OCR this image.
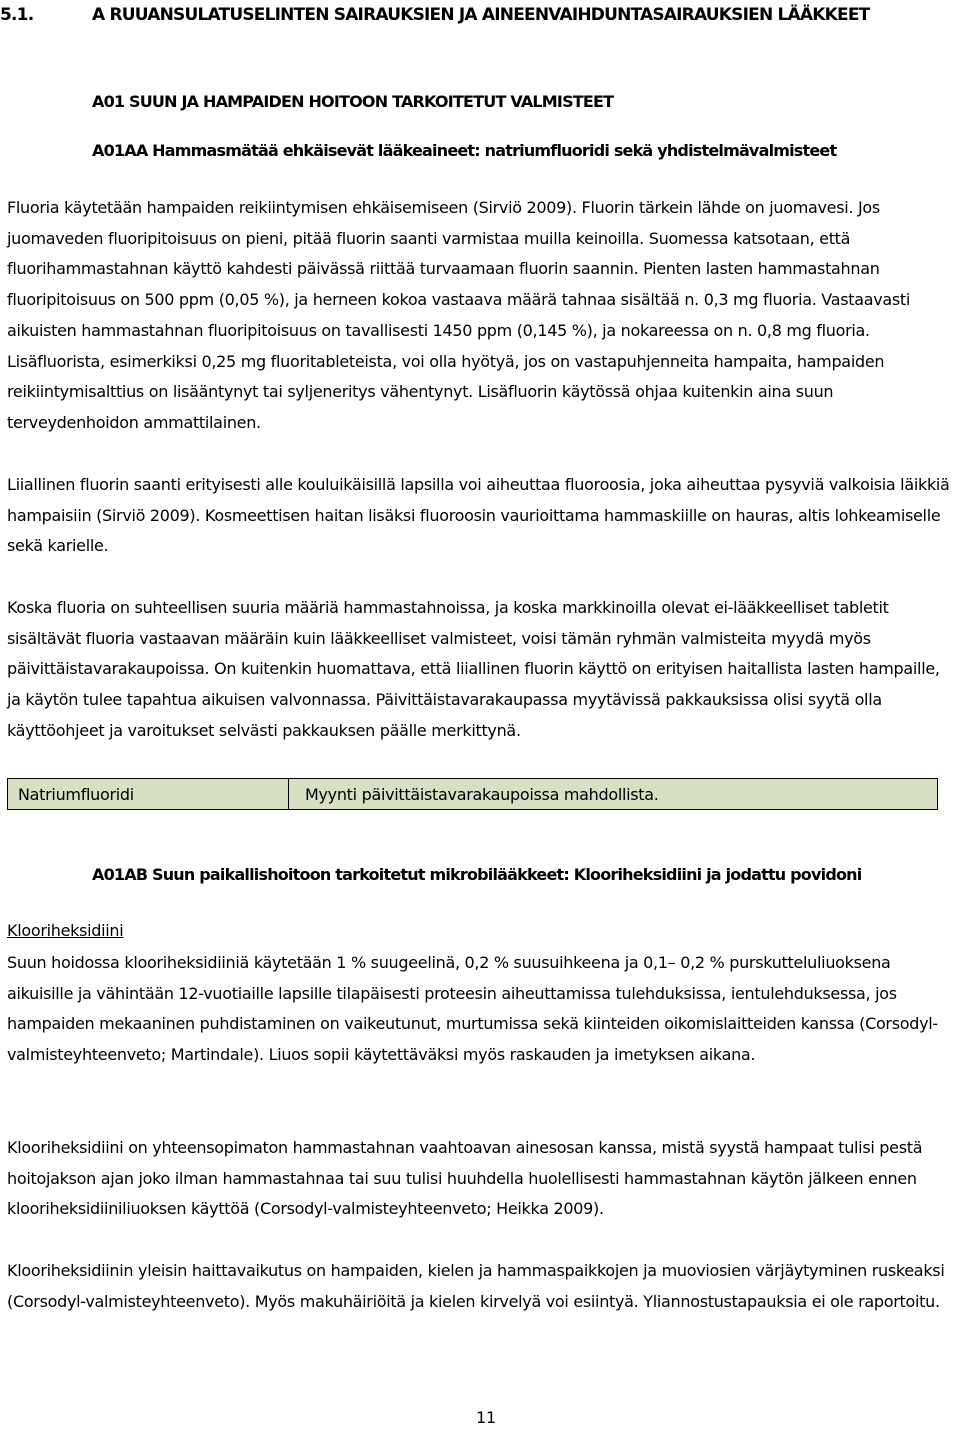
5.1.	A RUUANSULATUSELINTEN SAIRAUKSIEN JA AINEENVAIHDUNTASAIRAUKSIEN LÄÄKKEET
A01 SUUN JA HAMPAIDEN HOITOON TARKOITETUT VALMISTEET
A01AA Hammasmätää ehkäisevät lääkeaineet: natriumfluoridi sekä yhdistelmävalmisteet

Fluoria käytetään hampaiden reikiintymisen ehkäisemiseen (Sirviö 2009). Fluorin tärkein lähde on juomavesi. Jos juomaveden fluoripitoisuus on pieni, pitää fluorin saanti varmistaa muilla keinoilla. Suomessa katsotaan, että fluorihammastahnan käyttö kahdesti päivässä riittää turvaamaan fluorin saannin. Pienten lasten hammastahnan fluoripitoisuus on 500 ppm (0,05 %), ja herneen kokoa vastaava määrä tahnaa sisältää n. 0,3 mg fluoria. Vastaavasti aikuisten hammastahnan fluoripitoisuus on tavallisesti 1450 ppm (0,145 %), ja nokareessa on n. 0,8 mg fluoria. Lisäfluorista, esimerkiksi 0,25 mg fluoritableteista, voi olla hyötyä, jos on vastapuhjenneita hampaita, hampaiden reikiintymisalttius on lisääntynyt tai syljeneritys vähentynyt. Lisäfluorin käytössä ohjaa kuitenkin aina suun terveydenhoidon ammattilainen.

Liiallinen fluorin saanti erityisesti alle kouluikäisillä lapsilla voi aiheuttaa fluoroosia, joka aiheuttaa pysyviä valkoisia läikkiä hampaisiin (Sirviö 2009). Kosmeettisen haitan lisäksi fluoroosin vaurioittama hammaskiille on hauras, altis lohkeamiselle sekä karielle.

Koska fluoria on suhteellisen suuria määriä hammastahnoissa, ja koska markkinoilla olevat ei-lääkkeelliset tabletit sisältävät fluoria vastaavan määräin kuin lääkkeelliset valmisteet, voisi tämän ryhmän valmisteita myydä myös päivittäistavarakaupoissa. On kuitenkin huomattava, että liiallinen fluorin käyttö on erityisen haitallista lasten hampaille, ja käytön tulee tapahtua aikuisen valvonnassa. Päivittäistavarakaupassa myytävissä pakkauksissa olisi syytä olla käyttöohjeet ja varoitukset selvästi pakkauksen päälle merkittynä.

Natriumfluoridi	Myynti päivittäistavarakaupoissa mahdollista.
A01AB Suun paikallishoitoon tarkoitetut mikrobilääkkeet: Klooriheksidiini ja jodattu povidoni
Klooriheksidiini

Suun hoidossa klooriheksidiiniä käytetään 1 % suugeelinä, 0,2 % suusuihkeena ja 0,1– 0,2 % purskutteluliuoksena aikuisille ja vähintään 12-vuotiaille lapsille tilapäisesti proteesin aiheuttamissa tulehduksissa, ientulehduksessa, jos hampaiden mekaaninen puhdistaminen on vaikeutunut, murtumissa sekä kiinteiden oikomislaitteiden kanssa (Corsodyl-valmisteyhteenveto; Martindale). Liuos sopii käytettäväksi myös raskauden ja imetyksen aikana.

Klooriheksidiini on yhteensopimaton hammastahnan vaahtoavan ainesosan kanssa, mistä syystä hampaat tulisi pestä hoitojakson ajan joko ilman hammastahnaa tai suu tulisi huuhdella huolellisesti hammastahnan käytön jälkeen ennen klooriheksidiiniliuoksen käyttöä (Corsodyl-valmisteyhteenveto; Heikka 2009).

Klooriheksidiinin yleisin haittavaikutus on hampaiden, kielen ja hammaspaikkojen ja muoviosien värjäytyminen ruskeaksi (Corsodyl-valmisteyhteenveto). Myös makuhäiriöitä ja kielen kirvelyä voi esiintyä. Yliannostustapauksia ei ole raportoitu.

11
